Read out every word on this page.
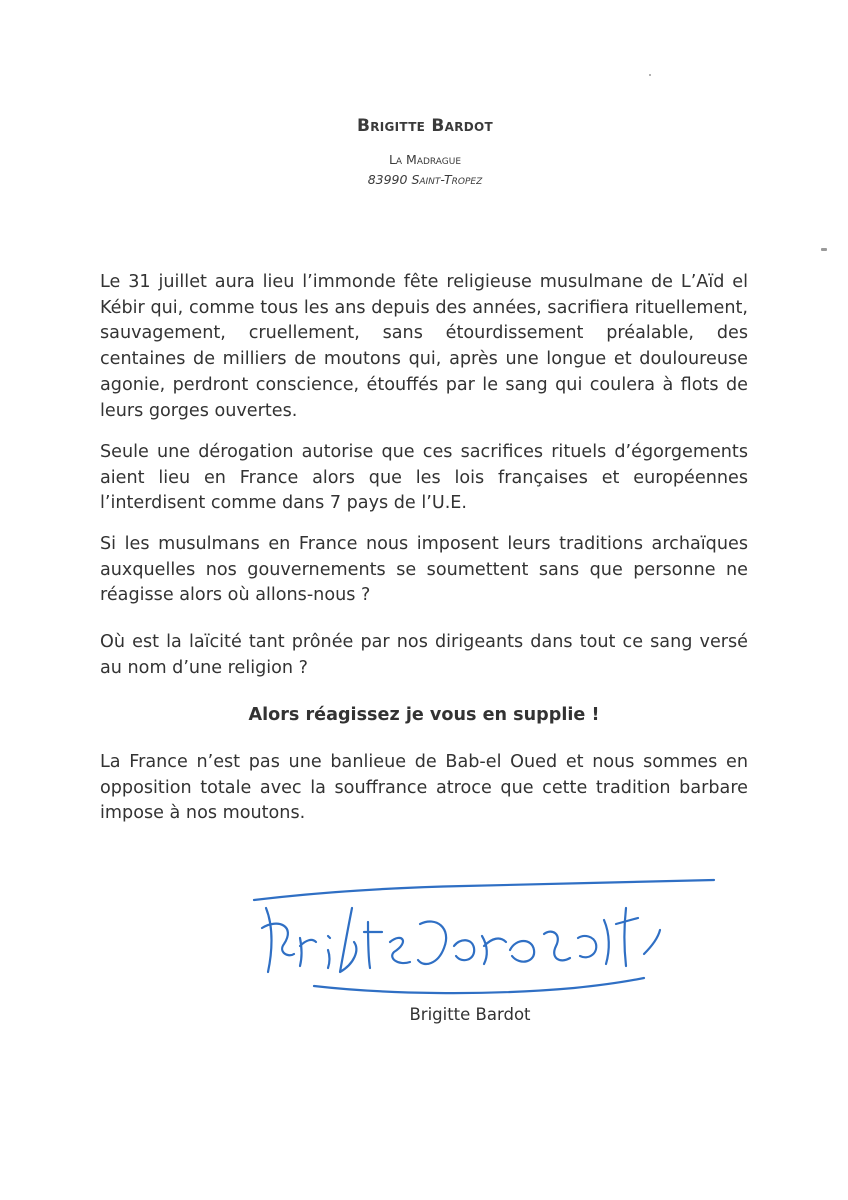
Brigitte Bardot
La Madrague
83990 Saint-Tropez

Le 31 juillet aura lieu l’immonde fête religieuse musulmane de L’Aïd el Kébir qui, comme tous les ans depuis des années, sacrifiera rituellement, sauvagement, cruellement, sans étourdissement préalable, des centaines de milliers de moutons qui, après une longue et douloureuse agonie, perdront conscience, étouffés par le sang qui coulera à flots de leurs gorges ouvertes.

Seule une dérogation autorise que ces sacrifices rituels d’égorgements aient lieu en France alors que les lois françaises et européennes l’interdisent comme dans 7 pays de l’U.E.

Si les musulmans en France nous imposent leurs traditions archaïques auxquelles nos gouvernements se soumettent sans que personne ne réagisse alors où allons-nous ?

Où est la laïcité tant prônée par nos dirigeants dans tout ce sang versé au nom d’une religion ?

Alors réagissez je vous en supplie !

La France n’est pas une banlieue de Bab-el Oued et nous sommes en opposition totale avec la souffrance atroce que cette tradition barbare impose à nos moutons.

Brigitte Bardot
